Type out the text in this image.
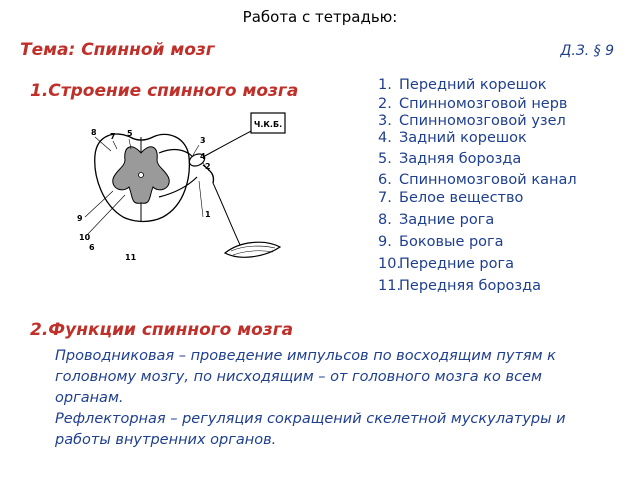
Работа с тетрадью:
Тема: Спинной мозг	Д.З. § 9
1.Строение спинного мозга
Ч.К.Б.
8 7 5
3
4
2
1
9
10
6
11
1. Передний корешок
2. Спинномозговой нерв
3. Спинномозговой узел
4. Задний корешок
5. Задняя борозда
6. Спинномозговой канал
7. Белое вещество
8. Задние рога
9. Боковые рога
10.Передние рога
11.Передняя борозда
2.Функции спинного мозга

Проводниковая – проведение импульсов по восходящим путям к головному мозгу, по нисходящим – от головного мозга ко всем органам.

Рефлекторная – регуляция сокращений скелетной мускулатуры и работы внутренних органов.
